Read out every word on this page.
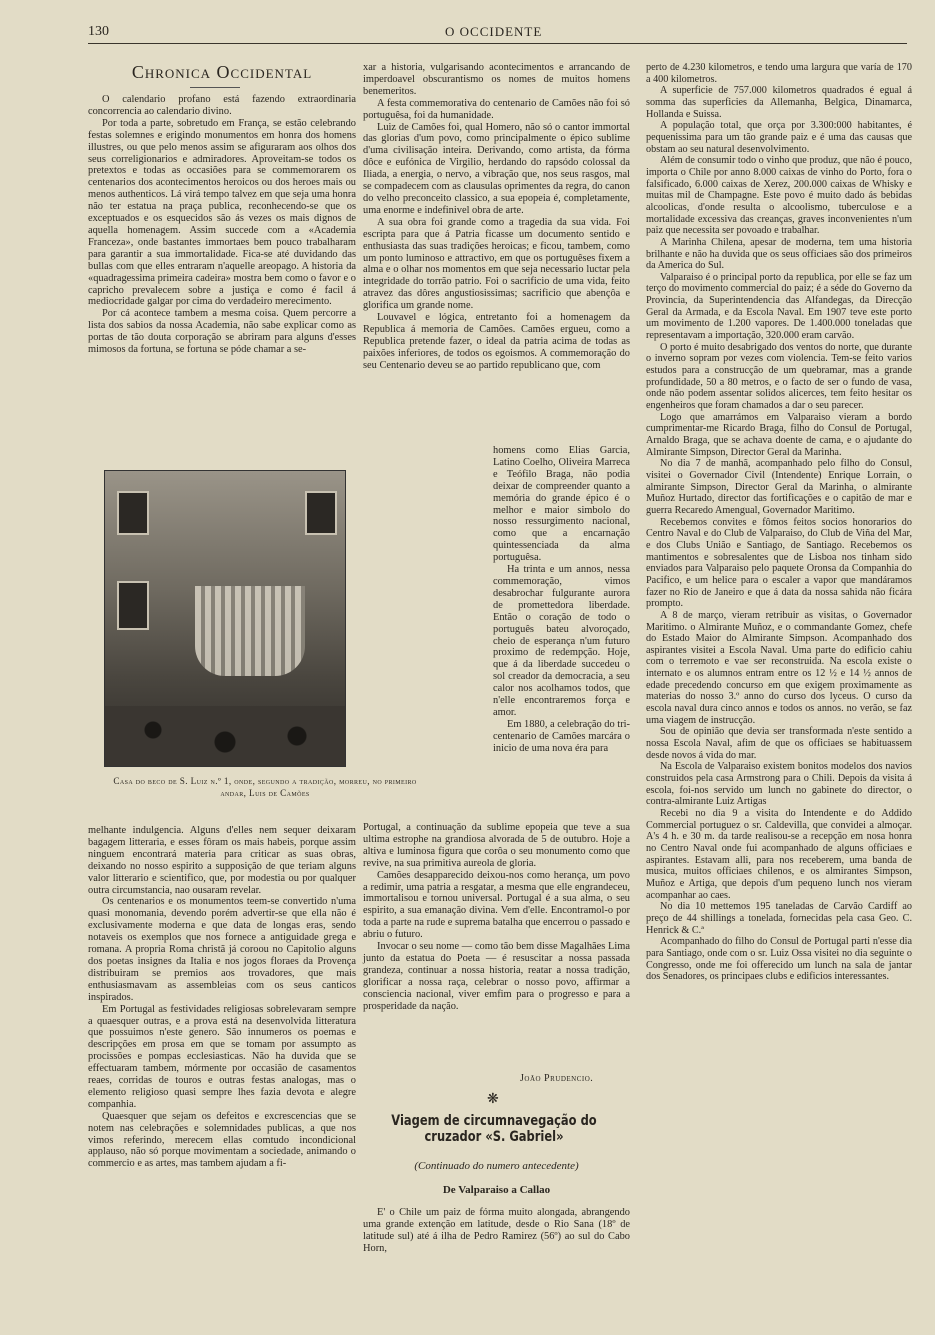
130	O OCCIDENTE
Chronica Occidental

O calendario profano está fazendo extraordinaria concorrencia ao calendario divino.

Por toda a parte, sobretudo em França, se estão celebrando festas solemnes e erigindo monumentos em honra dos homens illustres, ou que pelo menos assim se afiguraram aos olhos dos seus correligionarios e admiradores. Aproveitam-se todos os pretextos e todas as occasiões para se commemorarem os centenarios dos acontecimentos heroicos ou dos heroes mais ou menos authenticos. Lá virá tempo talvez em que seja uma honra não ter estatua na praça publica, reconhecendo-se que os exceptuados e os esquecidos são ás vezes os mais dignos de aquella homenagem. Assim succede com a «Academia Franceza», onde bastantes immortaes bem pouco trabalharam para garantir a sua immortalidade. Fica-se até duvidando das bullas com que elles entraram n'aquelle areopago. A historia da «quadragessima primeira cadeira» mostra bem como o favor e o capricho prevalecem sobre a justiça e como é facil á mediocridade galgar por cima do verdadeiro merecimento.

Por cá acontece tambem a mesma coisa. Quem percorre a lista dos sabios da nossa Academia, não sabe explicar como as portas de tão douta corporação se abriram para alguns d'esses mimosos da fortuna, se fortuna se póde chamar a se-

Casa do beco de S. Luiz n.º 1, onde, segundo a tradição, morreu, no primeiro andar, Luis de Camões

melhante indulgencia. Alguns d'elles nem sequer deixaram bagagem litteraria, e esses fôram os mais habeis, porque assim ninguem encontrará materia para criticar as suas obras, deixando no nosso espirito a supposição de que teriam alguns valor litterario e scientifico, que, por modestia ou por qualquer outra circumstancia, nao ousaram revelar.

Os centenarios e os monumentos teem-se convertido n'uma quasi monomania, devendo porém advertir-se que ella não é exclusivamente moderna e que data de longas eras, sendo notaveis os exemplos que nos fornece a antiguidade grega e romana. A propria Roma christã já coroou no Capitolio alguns dos poetas insignes da Italia e nos jogos floraes da Provença distribuiram se premios aos trovadores, que mais enthusiasmavam as assembleias com os seus canticos inspirados.

Em Portugal as festividades religiosas sobrelevaram sempre a quaesquer outras, e a prova está na desenvolvida litteratura que possuimos n'este genero. São innumeros os poemas e descripções em prosa em que se tomam por assumpto as procissões e pompas ecclesiasticas. Não ha duvida que se effectuaram tambem, mórmente por occasião de casamentos reaes, corridas de touros e outras festas analogas, mas o elemento religioso quasi sempre lhes fazia devota e alegre companhia.

Quaesquer que sejam os defeitos e excrescencias que se notem nas celebrações e solemnidades publicas, a que nos vimos referindo, merecem ellas comtudo incondicional applauso, não só porque movimentam a sociedade, animando o commercio e as artes, mas tambem ajudam a fi-

xar a historia, vulgarisando acontecimentos e arrancando de imperdoavel obscurantismo os nomes de muitos homens benemeritos.

A festa commemorativa do centenario de Camões não foi só portuguêsa, foi da humanidade.

Luiz de Camões foi, qual Homero, não só o cantor immortal das glorias d'um povo, como principalmente o épico sublime d'uma civilisação inteira. Derivando, como artista, da fórma dôce e eufónica de Virgilio, herdando do rapsódo colossal da Iliada, a energia, o nervo, a vibração que, nos seus rasgos, mal se compadecem com as clausulas oprimentes da regra, do canon do velho preconceito classico, a sua epopeia é, completamente, uma enorme e indefinivel obra de arte.

A sua obra foi grande como a tragedia da sua vida. Foi escripta para que á Patria ficasse um documento sentido e enthusiasta das suas tradições heroicas; e ficou, tambem, como um ponto luminoso e attractivo, em que os portuguêses fixem a alma e o olhar nos momentos em que seja necessario luctar pela integridade do torrão patrio. Foi o sacrificio de uma vida, feito atravez das dôres angustiosissimas; sacrificio que abençôa e glorifica um grande nome.

Louvavel e lógica, entretanto foi a homenagem da Republica á memoria de Camões. Camões ergueu, como a Republica pretende fazer, o ideal da patria acima de todas as paixões inferiores, de todos os egoismos. A commemoração do seu Centenario deveu se ao partido republicano que, com

homens como Elias Garcia, Latino Coelho, Oliveira Marreca e Teófilo Braga, não podia deixar de compreender quanto a memória do grande épico é o melhor e maior simbolo do nosso ressurgimento nacional, como que a encarnação quintessenciada da alma portuguêsa.

Ha trinta e um annos, nessa commemoração, vimos desabrochar fulgurante aurora de promettedora liberdade. Então o coração de todo o português bateu alvoroçado, cheio de esperança n'um futuro proximo de redempção. Hoje, que á da liberdade succedeu o sol creador da democracia, a seu calor nos acolhamos todos, que n'elle encontraremos força e amor.

Em 1880, a celebração do tri-centenario de Camões marcára o inicio de uma nova éra para

Portugal, a continuação da sublime epopeia que teve a sua ultima estrophe na grandiosa alvorada de 5 de outubro. Hoje a altiva e luminosa figura que corôa o seu monumento como que revive, na sua primitiva aureola de gloria.

Camões desapparecido deixou-nos como herança, um povo a redimir, uma patria a resgatar, a mesma que elle engrandeceu, immortalisou e tornou universal. Portugal é a sua alma, o seu espirito, a sua emanação divina. Vem d'elle. Encontramol-o por toda a parte na rude e suprema batalha que encerrou o passado e abriu o futuro.

Invocar o seu nome — como tão bem disse Magalhães Lima junto da estatua do Poeta — é resuscitar a nossa passada grandeza, continuar a nossa historia, reatar a nossa tradição, glorificar a nossa raça, celebrar o nosso povo, affirmar a consciencia nacional, viver emfim para o progresso e para a prosperidade da nação.

João Prudencio.
❋
Viagem de circumnavegação do cruzador «S. Gabriel»
(Continuado do numero antecedente)
De Valparaiso a Callao

E' o Chile um paiz de fórma muito alongada, abrangendo uma grande extenção em latitude, desde o Rio Sana (18º de latitude sul) até á ilha de Pedro Ramirez (56º) ao sul do Cabo Horn,

perto de 4.230 kilometros, e tendo uma largura que varía de 170 a 400 kilometros.

A superficie de 757.000 kilometros quadrados é egual á somma das superficies da Allemanha, Belgica, Dinamarca, Hollanda e Suissa.

A população total, que orça por 3.300:000 habitantes, é pequenissima para um tão grande paiz e é uma das causas que obstam ao seu natural desenvolvimento.

Além de consumir todo o vinho que produz, que não é pouco, importa o Chile por anno 8.000 caixas de vinho do Porto, fora o falsificado, 6.000 caixas de Xerez, 200.000 caixas de Whisky e muitas mil de Champagne. Este povo é muito dado ás bebidas alcoolicas, d'onde resulta o alcoolismo, tuberculose e a mortalidade excessiva das creanças, graves inconvenientes n'um paiz que necessita ser povoado e trabalhar.

A Marinha Chilena, apesar de moderna, tem uma historia brilhante e não ha duvida que os seus officiaes são dos primeiros da America do Sul.

Valparaiso é o principal porto da republica, por elle se faz um terço do movimento commercial do paiz; é a séde do Governo da Provincia, da Superintendencia das Alfandegas, da Direcção Geral da Armada, e da Escola Naval. Em 1907 teve este porto um movimento de 1.200 vapores. De 1.400.000 toneladas que representavam a importação, 320.000 eram carvão.

O porto é muito desabrigado dos ventos do norte, que durante o inverno sopram por vezes com violencia. Tem-se feito varios estudos para a construcção de um quebramar, mas a grande profundidade, 50 a 80 metros, e o facto de ser o fundo de vasa, onde não podem assentar solidos alicerces, tem feito hesitar os engenheiros que foram chamados a dar o seu parecer.

Logo que amarrámos em Valparaiso vieram a bordo cumprimentar-me Ricardo Braga, filho do Consul de Portugal, Arnaldo Braga, que se achava doente de cama, e o ajudante do Almirante Simpson, Director Geral da Marinha.

No dia 7 de manhã, acompanhado pelo filho do Consul, visitei o Governador Civil (Intendente) Enrique Lorrain, o almirante Simpson, Director Geral da Marinha, o almirante Muñoz Hurtado, director das fortificações e o capitão de mar e guerra Recaredo Amengual, Governador Maritimo.

Recebemos convites e fômos feitos socios honorarios do Centro Naval e do Club de Valparaiso, do Club de Viña del Mar, e dos Clubs União e Santiago, de Santiago. Recebemos os mantimentos e sobresalentes que de Lisboa nos tinham sido enviados para Valparaiso pelo paquete Oronsa da Companhia do Pacifico, e um helice para o escaler a vapor que mandáramos fazer no Rio de Janeiro e que á data da nossa sahida não ficára prompto.

A 8 de março, vieram retribuir as visitas, o Governador Maritimo. o Almirante Muñoz, e o commandante Gomez, chefe do Estado Maior do Almirante Simpson. Acompanhado dos aspirantes visitei a Escola Naval. Uma parte do edificio cahiu com o terremoto e vae ser reconstruida. Na escola existe o internato e os alumnos entram entre os 12 ½ e 14 ½ annos de edade precedendo concurso em que exigem proximamente as materias do nosso 3.º anno do curso dos lyceus. O curso da escola naval dura cinco annos e todos os annos. no verão, se faz uma viagem de instrucção.

Sou de opinião que devia ser transformada n'este sentido a nossa Escola Naval, afim de que os officiaes se habituassem desde novos á vida do mar.

Na Escola de Valparaiso existem bonitos modelos dos navios construidos pela casa Armstrong para o Chili. Depois da visita á escola, foi-nos servido um lunch no gabinete do director, o contra-almirante Luiz Artigas

Recebi no dia 9 a visita do Intendente e do Addido Commercial portuguez o sr. Caldevilla, que convidei a almoçar. A's 4 h. e 30 m. da tarde realisou-se a recepção em nosa honra no Centro Naval onde fui acompanhado de alguns officiaes e aspirantes. Estavam alli, para nos receberem, uma banda de musica, muitos officiaes chilenos, e os almirantes Simpson, Muñoz e Artiga, que depois d'um pequeno lunch nos vieram acompanhar ao caes.

No dia 10 mettemos 195 taneladas de Carvão Cardiff ao preço de 44 shillings a tonelada, fornecidas pela casa Geo. C. Henrick & C.ª

Acompanhado do filho do Consul de Portugal parti n'esse dia para Santiago, onde com o sr. Luiz Ossa visitei no dia seguinte o Congresso, onde me foi offerecido um lunch na sala de jantar dos Senadores, os principaes clubs e edificios interessantes.
